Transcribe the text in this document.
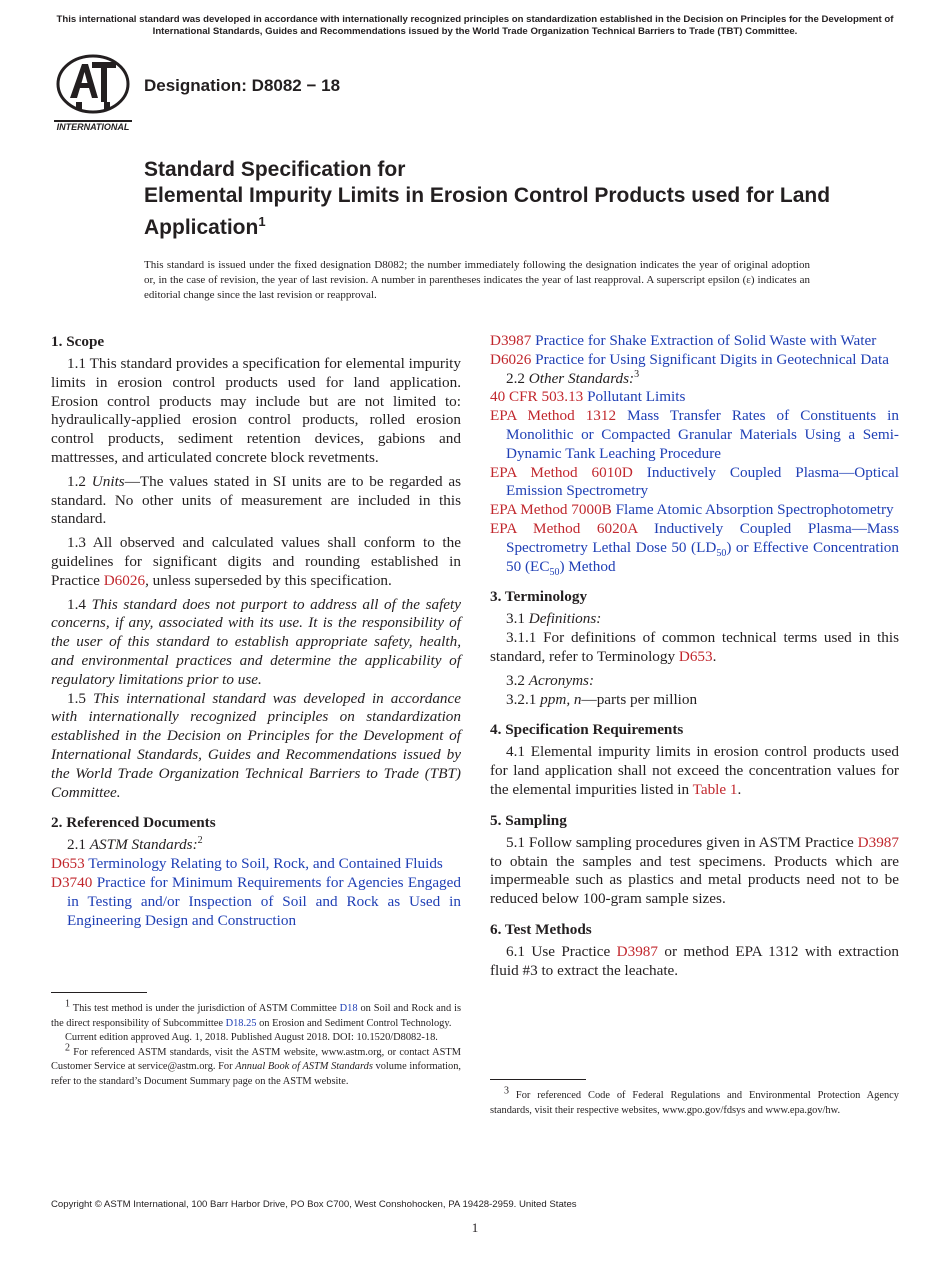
This international standard was developed in accordance with internationally recognized principles on standardization established in the Decision on Principles for the Development of International Standards, Guides and Recommendations issued by the World Trade Organization Technical Barriers to Trade (TBT) Committee.
INTERNATIONAL
Designation: D8082 − 18
Standard Specification for
Elemental Impurity Limits in Erosion Control Products used for Land Application$^1$
This standard is issued under the fixed designation D8082; the number immediately following the designation indicates the year of original adoption or, in the case of revision, the year of last revision. A number in parentheses indicates the year of last reapproval. A superscript epsilon (ε) indicates an editorial change since the last revision or reapproval.
1. Scope

1.1 This standard provides a specification for elemental impurity limits in erosion control products used for land application. Erosion control products may include but are not limited to: hydraulically-applied erosion control products, rolled erosion control products, sediment retention devices, gabions and mattresses, and articulated concrete block revetments.

1.2 Units—The values stated in SI units are to be regarded as standard. No other units of measurement are included in this standard.

1.3 All observed and calculated values shall conform to the guidelines for significant digits and rounding established in Practice D6026, unless superseded by this specification.

1.4 This standard does not purport to address all of the safety concerns, if any, associated with its use. It is the responsibility of the user of this standard to establish appropriate safety, health, and environmental practices and determine the applicability of regulatory limitations prior to use.

1.5 This international standard was developed in accordance with internationally recognized principles on standardization established in the Decision on Principles for the Development of International Standards, Guides and Recommendations issued by the World Trade Organization Technical Barriers to Trade (TBT) Committee.

2. Referenced Documents
2.1 ASTM Standards:$^2$
D653 Terminology Relating to Soil, Rock, and Contained Fluids
D3740 Practice for Minimum Requirements for Agencies Engaged in Testing and/or Inspection of Soil and Rock as Used in Engineering Design and Construction
D3987 Practice for Shake Extraction of Solid Waste with Water
D6026 Practice for Using Significant Digits in Geotechnical Data
2.2 Other Standards:$^3$
40 CFR 503.13 Pollutant Limits
EPA Method 1312 Mass Transfer Rates of Constituents in Monolithic or Compacted Granular Materials Using a Semi-Dynamic Tank Leaching Procedure
EPA Method 6010D Inductively Coupled Plasma—Optical Emission Spectrometry
EPA Method 7000B Flame Atomic Absorption Spectrophotometry
EPA Method 6020A Inductively Coupled Plasma—Mass Spectrometry Lethal Dose 50 $(LD_{50})$ or Effective Concentration 50 $(EC_{50})$ Method
3. Terminology
3.1 Definitions:

3.1.1 For definitions of common technical terms used in this standard, refer to Terminology D653.

3.2 Acronyms:
3.2.1 ppm, n—parts per million
4. Specification Requirements

4.1 Elemental impurity limits in erosion control products used for land application shall not exceed the concentration values for the elemental impurities listed in Table 1.

5. Sampling

5.1 Follow sampling procedures given in ASTM Practice D3987 to obtain the samples and test specimens. Products which are impermeable such as plastics and metal products need not to be reduced below 100-gram sample sizes.

6. Test Methods

6.1 Use Practice D3987 or method EPA 1312 with extraction fluid #3 to extract the leachate.

$^1$ This test method is under the jurisdiction of ASTM Committee D18 on Soil and Rock and is the direct responsibility of Subcommittee D18.25 on Erosion and Sediment Control Technology.

Current edition approved Aug. 1, 2018. Published August 2018. DOI: 10.1520/D8082-18.

$^2$ For referenced ASTM standards, visit the ASTM website, www.astm.org, or contact ASTM Customer Service at service@astm.org. For Annual Book of ASTM Standards volume information, refer to the standard’s Document Summary page on the ASTM website.

$^3$ For referenced Code of Federal Regulations and Environmental Protection Agency standards, visit their respective websites, www.gpo.gov/fdsys and www.epa.gov/hw.

Copyright © ASTM International, 100 Barr Harbor Drive, PO Box C700, West Conshohocken, PA 19428-2959. United States
1
